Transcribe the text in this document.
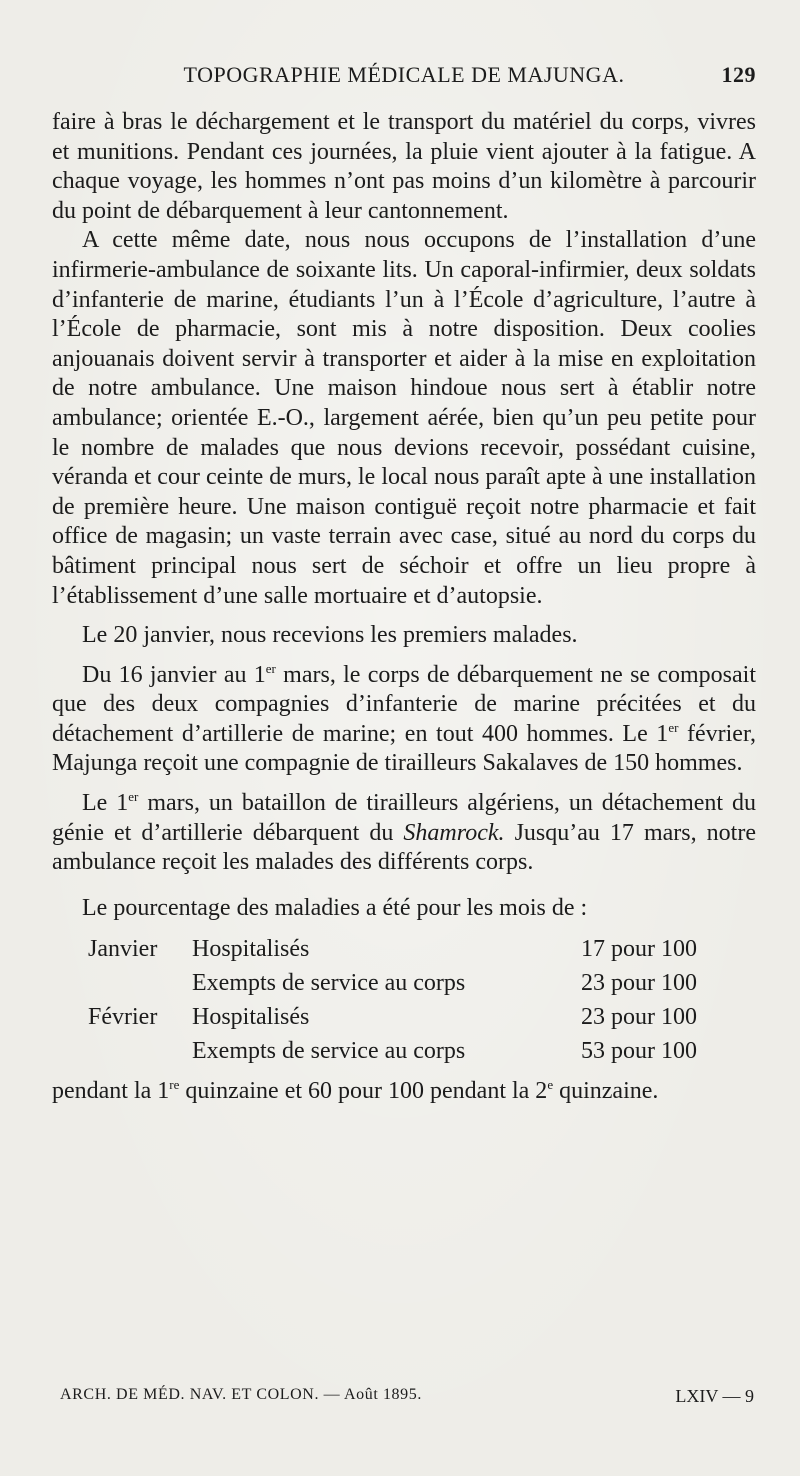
TOPOGRAPHIE MÉDICALE DE MAJUNGA.	129

faire à bras le déchargement et le transport du matériel du corps, vivres et munitions. Pendant ces journées, la pluie vient ajouter à la fatigue. A chaque voyage, les hommes n’ont pas moins d’un kilomètre à parcourir du point de débarquement à leur cantonnement.

A cette même date, nous nous occupons de l’installation d’une infirmerie-ambulance de soixante lits. Un caporal-infirmier, deux soldats d’infanterie de marine, étudiants l’un à l’École d’agriculture, l’autre à l’École de pharmacie, sont mis à notre disposition. Deux coolies anjouanais doivent servir à transporter et aider à la mise en exploitation de notre ambulance. Une maison hindoue nous sert à établir notre ambulance; orientée E.-O., largement aérée, bien qu’un peu petite pour le nombre de malades que nous devions recevoir, possédant cuisine, véranda et cour ceinte de murs, le local nous paraît apte à une installation de première heure. Une maison contiguë reçoit notre pharmacie et fait office de magasin; un vaste terrain avec case, situé au nord du corps du bâtiment principal nous sert de séchoir et offre un lieu propre à l’établissement d’une salle mortuaire et d’autopsie.

Le 20 janvier, nous recevions les premiers malades.

Du 16 janvier au 1er mars, le corps de débarquement ne se composait que des deux compagnies d’infanterie de marine précitées et du détachement d’artillerie de marine; en tout 400 hommes. Le 1er février, Majunga reçoit une compagnie de tirailleurs Sakalaves de 150 hommes.

Le 1er mars, un bataillon de tirailleurs algériens, un détachement du génie et d’artillerie débarquent du Shamrock. Jusqu’au 17 mars, notre ambulance reçoit les malades des différents corps.

Le pourcentage des maladies a été pour les mois de :

Janvier	Hospitalisés	17 pour 100
Exempts de service au corps	23 pour 100
Février	Hospitalisés	23 pour 100
Exempts de service au corps	53 pour 100

pendant la 1re quinzaine et 60 pour 100 pendant la 2e quinzaine.

ARCH. DE MÉD. NAV. ET COLON. — Août 1895.	LXIV — 9
